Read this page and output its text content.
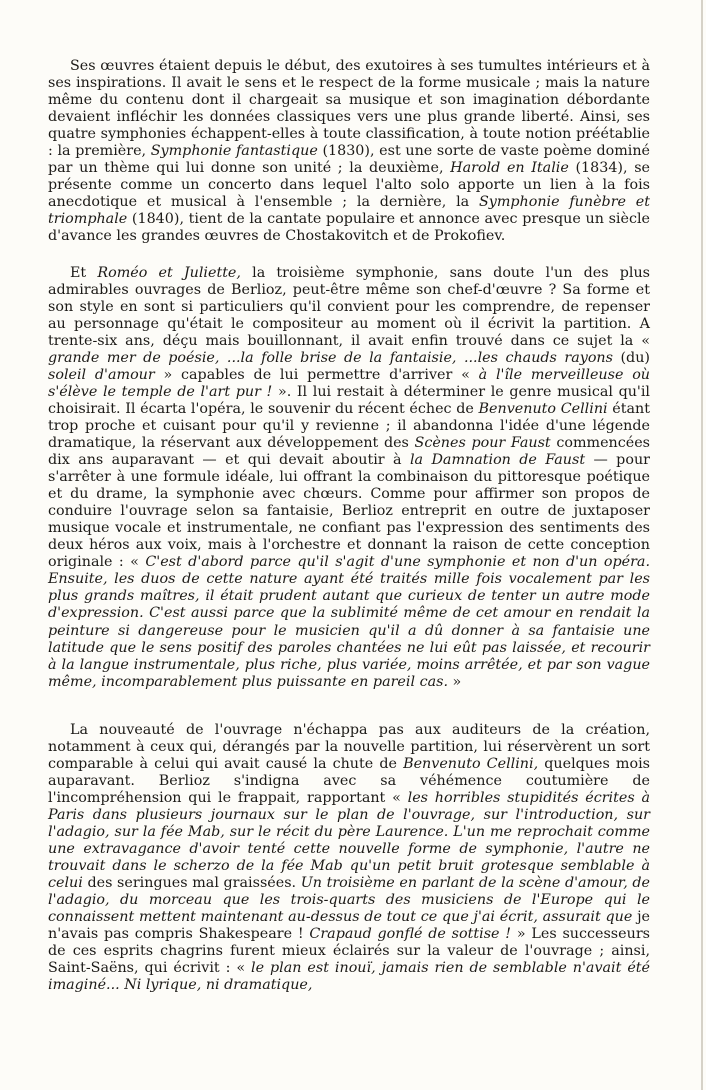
Ses œuvres étaient depuis le début, des exutoires à ses tumultes intérieurs et à ses inspirations. Il avait le sens et le respect de la forme musicale ; mais la nature même du contenu dont il chargeait sa musique et son imagination débordante devaient infléchir les données classiques vers une plus grande liberté. Ainsi, ses quatre symphonies échappent-elles à toute classification, à toute notion préétablie : la première, Symphonie fantastique (1830), est une sorte de vaste poème dominé par un thème qui lui donne son unité ; la deuxième, Harold en Italie (1834), se présente comme un concerto dans lequel l'alto solo apporte un lien à la fois anecdotique et musical à l'ensemble ; la dernière, la Symphonie funèbre et triomphale (1840), tient de la cantate populaire et annonce avec presque un siècle d'avance les grandes œuvres de Chostakovitch et de Prokofiev.

Et Roméo et Juliette, la troisième symphonie, sans doute l'un des plus admirables ouvrages de Berlioz, peut-être même son chef-d'œuvre ? Sa forme et son style en sont si particuliers qu'il convient pour les comprendre, de repenser au personnage qu'était le compositeur au moment où il écrivit la partition. A trente-six ans, déçu mais bouillonnant, il avait enfin trouvé dans ce sujet la « grande mer de poésie, ...la folle brise de la fantaisie, ...les chauds rayons (du) soleil d'amour » capables de lui permettre d'arriver « à l'île merveilleuse où s'élève le temple de l'art pur ! ». Il lui restait à déterminer le genre musical qu'il choisirait. Il écarta l'opéra, le souvenir du récent échec de Benvenuto Cellini étant trop proche et cuisant pour qu'il y revienne ; il abandonna l'idée d'une légende dramatique, la réservant aux développement des Scènes pour Faust commencées dix ans auparavant — et qui devait aboutir à la Damnation de Faust — pour s'arrêter à une formule idéale, lui offrant la combinaison du pittoresque poétique et du drame, la symphonie avec chœurs. Comme pour affirmer son propos de conduire l'ouvrage selon sa fantaisie, Berlioz entreprit en outre de juxtaposer musique vocale et instrumentale, ne confiant pas l'expression des sentiments des deux héros aux voix, mais à l'orchestre et donnant la raison de cette conception originale : « C'est d'abord parce qu'il s'agit d'une symphonie et non d'un opéra. Ensuite, les duos de cette nature ayant été traités mille fois vocalement par les plus grands maîtres, il était prudent autant que curieux de tenter un autre mode d'expression. C'est aussi parce que la sublimité même de cet amour en rendait la peinture si dangereuse pour le musicien qu'il a dû donner à sa fantaisie une latitude que le sens positif des paroles chantées ne lui eût pas laissée, et recourir à la langue instrumentale, plus riche, plus variée, moins arrêtée, et par son vague même, incomparablement plus puissante en pareil cas. »

La nouveauté de l'ouvrage n'échappa pas aux auditeurs de la création, notamment à ceux qui, dérangés par la nouvelle partition, lui réservèrent un sort comparable à celui qui avait causé la chute de Benvenuto Cellini, quelques mois auparavant. Berlioz s'indigna avec sa véhémence coutumière de l'incompréhension qui le frappait, rapportant « les horribles stupidités écrites à Paris dans plusieurs journaux sur le plan de l'ouvrage, sur l'introduction, sur l'adagio, sur la fée Mab, sur le récit du père Laurence. L'un me reprochait comme une extravagance d'avoir tenté cette nouvelle forme de symphonie, l'autre ne trouvait dans le scherzo de la fée Mab qu'un petit bruit grotesque semblable à celui des seringues mal graissées. Un troisième en parlant de la scène d'amour, de l'adagio, du morceau que les trois-quarts des musiciens de l'Europe qui le connaissent mettent maintenant au-dessus de tout ce que j'ai écrit, assurait que je n'avais pas compris Shakespeare ! Crapaud gonflé de sottise ! » Les successeurs de ces esprits chagrins furent mieux éclairés sur la valeur de l'ouvrage ; ainsi, Saint-Saëns, qui écrivit : « le plan est inouï, jamais rien de semblable n'avait été imaginé... Ni lyrique, ni dramatique,
